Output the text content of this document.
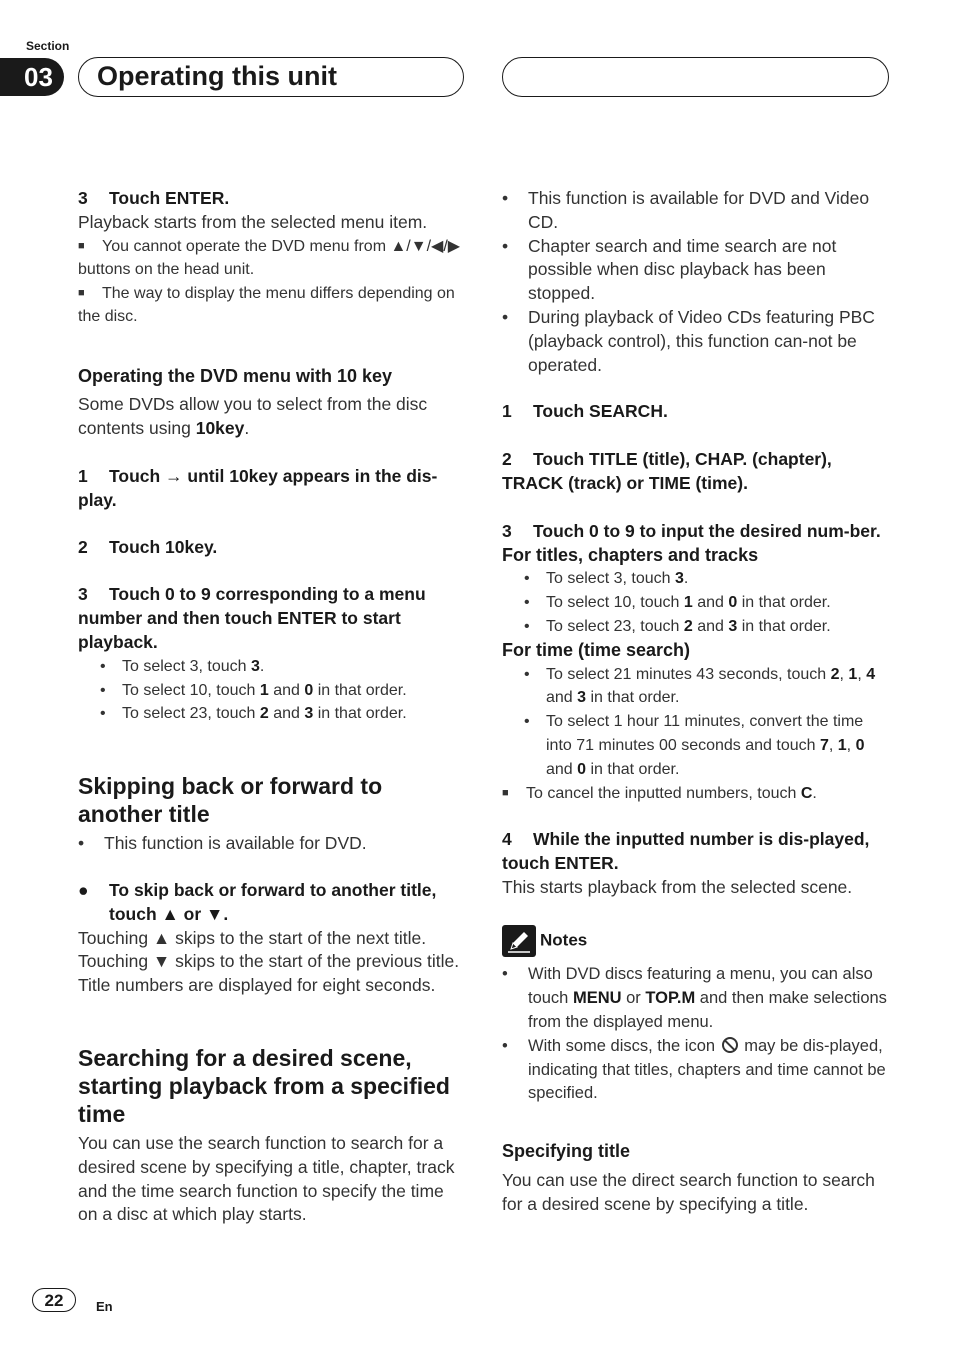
Section
03	Operating this unit

3 Touch ENTER.

Playback starts from the selected menu item.

■ You cannot operate the DVD menu from ▲/▼/◀/▶ buttons on the head unit.

■ The way to display the menu differs depending on the disc.

Operating the DVD menu with 10 key

Some DVDs allow you to select from the disc contents using 10key.

1 Touch → until 10key appears in the dis-play.

2 Touch 10key.

3 Touch 0 to 9 corresponding to a menu number and then touch ENTER to start playback.

• To select 3, touch 3.

• To select 10, touch 1 and 0 in that order.

• To select 23, touch 2 and 3 in that order.

Skipping back or forward to another title

• This function is available for DVD.

● To skip back or forward to another title, touch ▲ or ▼.

Touching ▲ skips to the start of the next title. Touching ▼ skips to the start of the previous title.

Title numbers are displayed for eight seconds.

Searching for a desired scene, starting playback from a specified time

You can use the search function to search for a desired scene by specifying a title, chapter, track and the time search function to specify the time on a disc at which play starts.

• This function is available for DVD and Video CD.

• Chapter search and time search are not possible when disc playback has been stopped.

• During playback of Video CDs featuring PBC (playback control), this function can-not be operated.

1 Touch SEARCH.

2 Touch TITLE (title), CHAP. (chapter), TRACK (track) or TIME (time).

3 Touch 0 to 9 to input the desired num-ber.

For titles, chapters and tracks

• To select 3, touch 3.

• To select 10, touch 1 and 0 in that order.

• To select 23, touch 2 and 3 in that order.

For time (time search)

• To select 21 minutes 43 seconds, touch 2, 1, 4 and 3 in that order.

• To select 1 hour 11 minutes, convert the time into 71 minutes 00 seconds and touch 7, 1, 0 and 0 in that order.

■ To cancel the inputted numbers, touch C.

4 While the inputted number is dis-played, touch ENTER.

This starts playback from the selected scene.

Notes

• With DVD discs featuring a menu, you can also touch MENU or TOP.M and then make selections from the displayed menu.

• With some discs, the icon  may be dis-played, indicating that titles, chapters and time cannot be specified.

Specifying title

You can use the direct search function to search for a desired scene by specifying a title.

22	En
